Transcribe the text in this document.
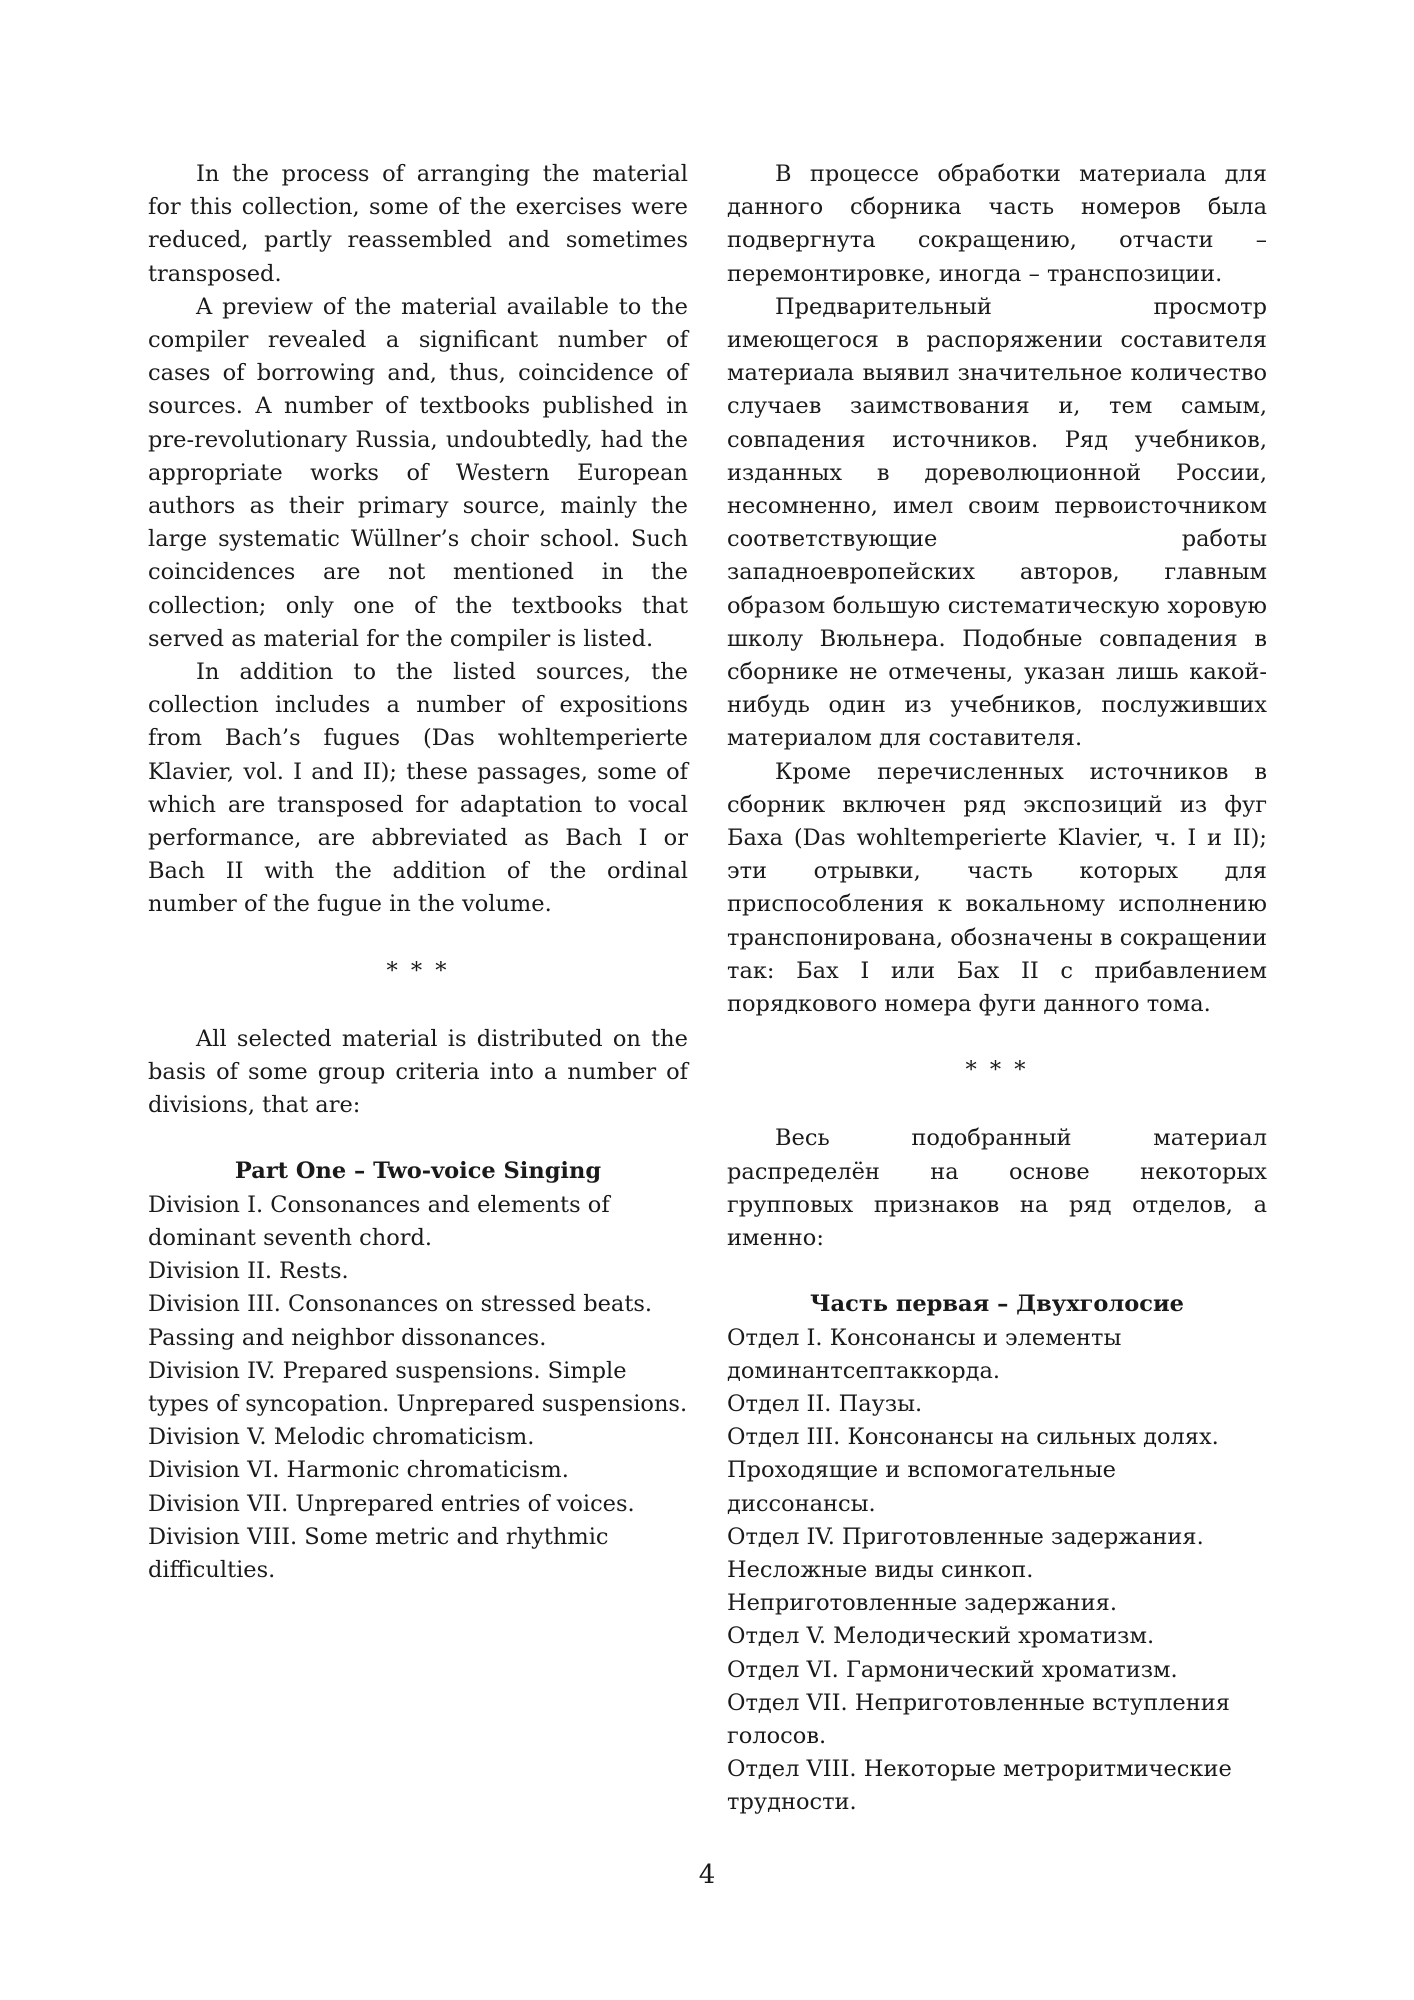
In the process of arranging the material for this collection, some of the exercises were reduced, partly reassembled and sometimes transposed.

A preview of the material available to the compiler revealed a significant number of cases of borrowing and, thus, coincidence of sources. A number of textbooks published in pre-revolutionary Russia, undoubtedly, had the appropriate works of Western European authors as their primary source, mainly the large systematic Wüllner’s choir school. Such coincidences are not mentioned in the collection; only one of the textbooks that served as material for the compiler is listed.

In addition to the listed sources, the collection includes a number of expositions from Bach’s fugues (Das wohltemperierte Klavier, vol. I and II); these passages, some of which are transposed for adaptation to vocal performance, are abbreviated as Bach I or Bach II with the addition of the ordinal number of the fugue in the volume.

* * *

All selected material is distributed on the basis of some group criteria into a number of divisions, that are:

Part One – Two-voice Singing

Division I. Consonances and elements of dominant seventh chord.
Division II. Rests.
Division III. Consonances on stressed beats. Passing and neighbor dissonances.
Division IV. Prepared suspensions. Simple types of syncopation. Unprepared suspensions.
Division V. Melodic chromaticism.
Division VI. Harmonic chromaticism.
Division VII. Unprepared entries of voices.
Division VIII. Some metric and rhythmic difficulties.

В процессе обработки материала для данного сборника часть номеров была подвергнута сокращению, отчасти – перемонтировке, иногда – транспозиции.

Предварительный просмотр имеющегося в распоряжении составителя материала выявил значительное количество случаев заимствования и, тем самым, совпадения источников. Ряд учебников, изданных в дореволюционной России, несомненно, имел своим первоисточником соответствующие работы западноевропейских авторов, главным образом большую систематическую хоровую школу Вюльнера. Подобные совпадения в сборнике не отмечены, указан лишь какой-нибудь один из учебников, послуживших материалом для составителя.

Кроме перечисленных источников в сборник включен ряд экспозиций из фуг Баха (Das wohltemperierte Klavier, ч. I и II); эти отрывки, часть которых для приспособления к вокальному исполнению транспонирована, обозначены в сокращении так: Бах I или Бах II с прибавлением порядкового номера фуги данного тома.

* * *

Весь подобранный материал распределён на основе некоторых групповых признаков на ряд отделов, а именно:

Часть первая – Двухголосие

Отдел I. Консонансы и элементы доминантсептаккорда.
Отдел II. Паузы.
Отдел III. Консонансы на сильных долях. Проходящие и вспомогательные диссонансы.
Отдел IV. Приготовленные задержания. Несложные виды синкоп. Неприготовленные задержания.
Отдел V. Мелодический хроматизм.
Отдел VI. Гармонический хроматизм.
Отдел VII. Неприготовленные вступления голосов.
Отдел VIII. Некоторые метроритмические трудности.
4
